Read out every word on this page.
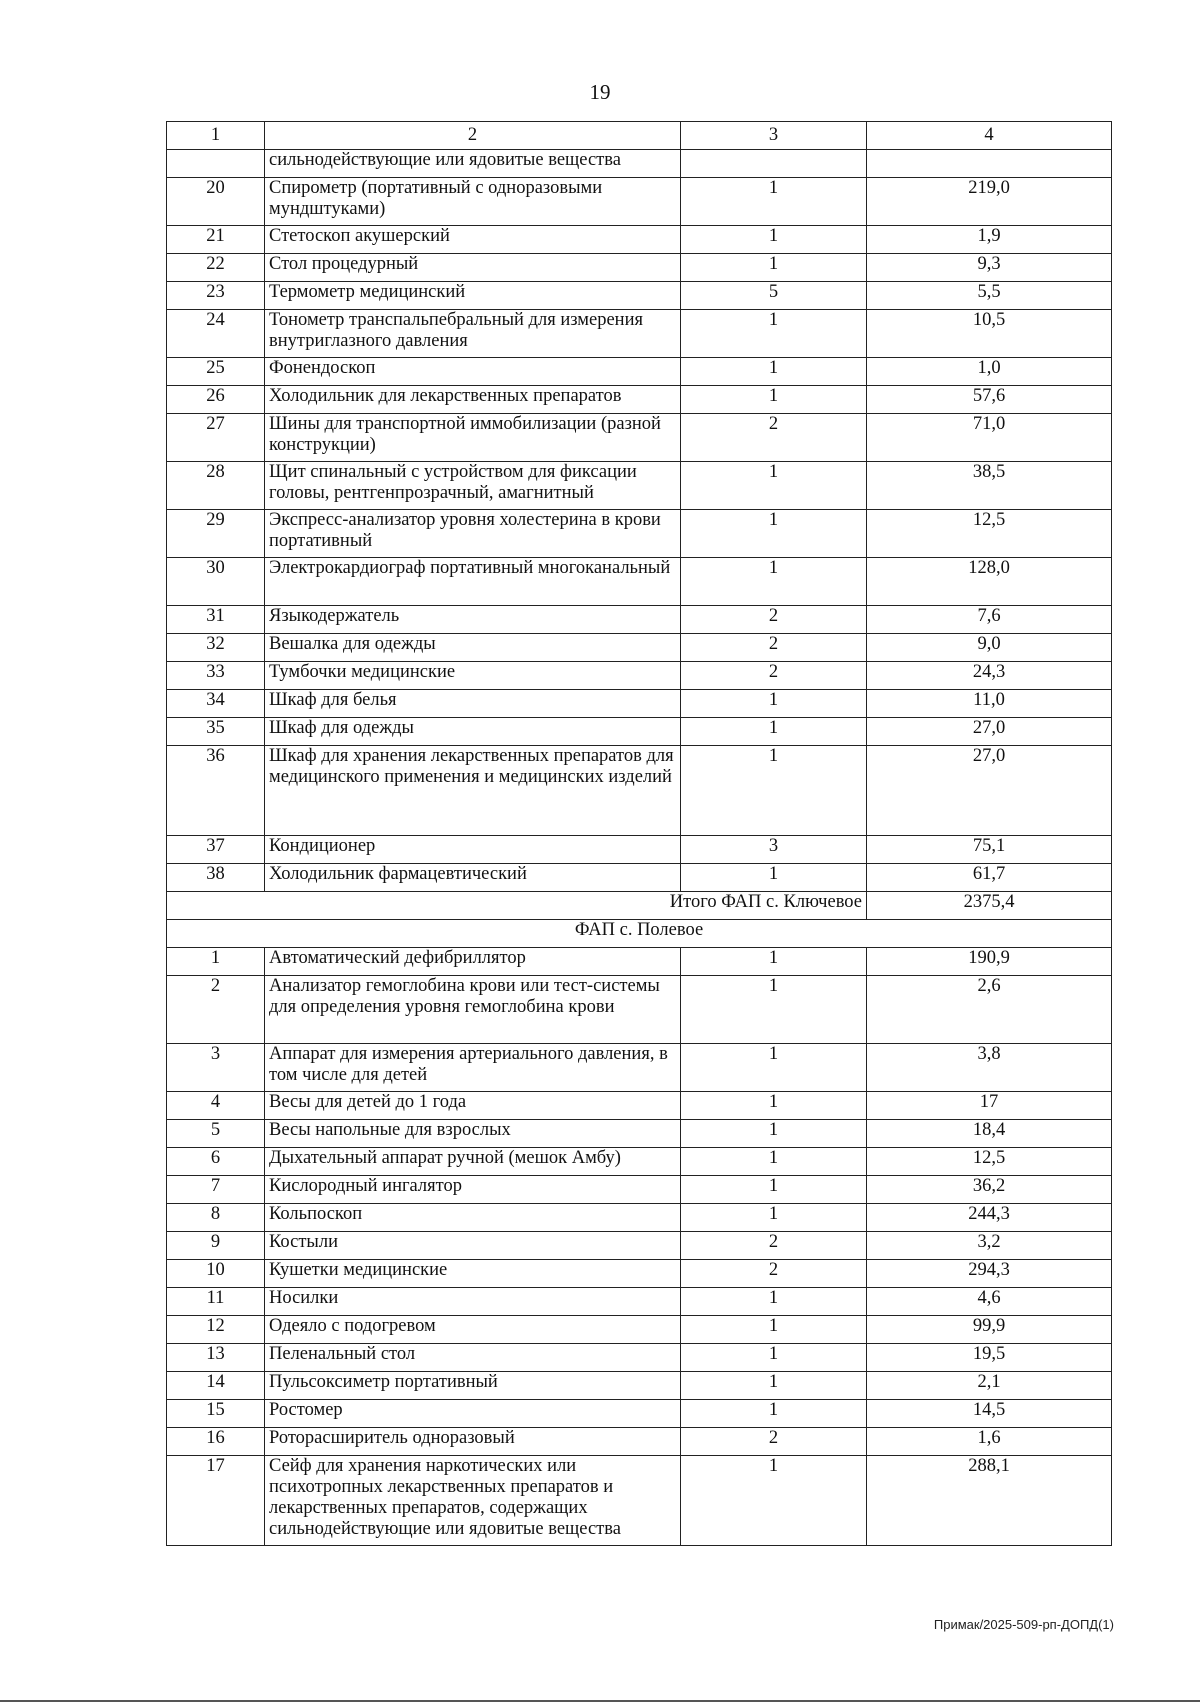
19
1	2	3	4
	сильнодействующие или ядовитые вещества		
20	Спирометр (портативный с одноразовыми мундштуками)	1	219,0
21	Стетоскоп акушерский	1	1,9
22	Стол процедурный	1	9,3
23	Термометр медицинский	5	5,5
24	Тонометр транспальпебральный для измерения внутриглазного давления	1	10,5
25	Фонендоскоп	1	1,0
26	Холодильник для лекарственных препаратов	1	57,6
27	Шины для транспортной иммобилизации (разной конструкции)	2	71,0
28	Щит спинальный с устройством для фиксации головы, рентгенпрозрачный, амагнитный	1	38,5
29	Экспресс-анализатор уровня холестерина в крови портативный	1	12,5
30	Электрокардиограф портативный многоканальный	1	128,0
31	Языкодержатель	2	7,6
32	Вешалка для одежды	2	9,0
33	Тумбочки медицинские	2	24,3
34	Шкаф для белья	1	11,0
35	Шкаф для одежды	1	27,0
36	Шкаф для хранения лекарственных препаратов для медицинского применения и медицинских изделий	1	27,0
37	Кондиционер	3	75,1
38	Холодильник фармацевтический	1	61,7
Итого ФАП с. Ключевое			2375,4
ФАП с. Полевое			
1	Автоматический дефибриллятор	1	190,9
2	Анализатор гемоглобина крови или тест-системы для определения уровня гемоглобина крови	1	2,6
3	Аппарат для измерения артериального давления, в том числе для детей	1	3,8
4	Весы для детей до 1 года	1	17
5	Весы напольные для взрослых	1	18,4
6	Дыхательный аппарат ручной (мешок Амбу)	1	12,5
7	Кислородный ингалятор	1	36,2
8	Кольпоскоп	1	244,3
9	Костыли	2	3,2
10	Кушетки медицинские	2	294,3
11	Носилки	1	4,6
12	Одеяло с подогревом	1	99,9
13	Пеленальный стол	1	19,5
14	Пульсоксиметр портативный	1	2,1
15	Ростомер	1	14,5
16	Роторасширитель одноразовый	2	1,6
17	Сейф для хранения наркотических или психотропных лекарственных препаратов и лекарственных препаратов, содержащих сильнодействующие или ядовитые вещества	1	288,1
Примак/2025-509-рп-ДОПД(1)
